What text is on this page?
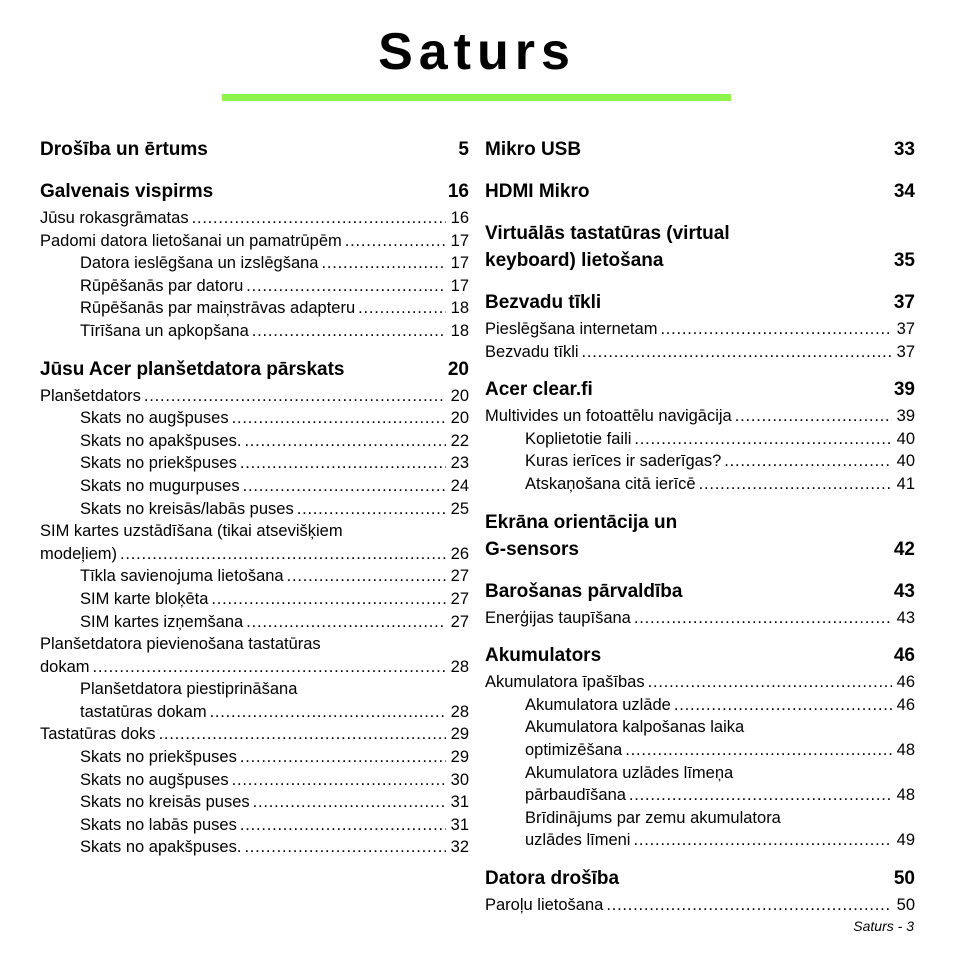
Saturs
Drošība un ērtums	5
Galvenais vispirms	16
Jūsu rokasgrāmatas . . .	16
Padomi datora lietošanai un pamatrūpēm . . .	17
Datora ieslēgšana un izslēgšana . . .	17
Rūpēšanās par datoru . . .	17
Rūpēšanās par maiņstrāvas adapteru . . .	18
Tīrīšana un apkopšana . . .	18
Jūsu Acer planšetdatora pārskats	20
Planšetdators . . .	20
Skats no augšpuses . . .	20
Skats no apakšpuses. . . .	22
Skats no priekšpuses . . .	23
Skats no mugurpuses . . .	24
Skats no kreisās/labās puses . . .	25
SIM kartes uzstādīšana (tikai atsevišķiem
modeļiem) . . .	26
Tīkla savienojuma lietošana . . .	27
SIM karte bloķēta . . .	27
SIM kartes izņemšana . . .	27
Planšetdatora pievienošana tastatūras
dokam . . .	28
Planšetdatora piestiprināšana
tastatūras dokam . . .	28
Tastatūras doks . . .	29
Skats no priekšpuses . . .	29
Skats no augšpuses . . .	30
Skats no kreisās puses . . .	31
Skats no labās puses . . .	31
Skats no apakšpuses. . . .	32
Mikro USB	33
HDMI Mikro	34
Virtuālās tastatūras (virtual
keyboard) lietošana	35
Bezvadu tīkli	37
Pieslēgšana internetam . . .	37
Bezvadu tīkli . . .	37
Acer clear.fi	39
Multivides un fotoattēlu navigācija . . .	39
Koplietotie faili . . .	40
Kuras ierīces ir saderīgas? . . .	40
Atskaņošana citā ierīcē . . .	41
Ekrāna orientācija un
G-sensors	42
Barošanas pārvaldība	43
Enerģijas taupīšana . . .	43
Akumulators	46
Akumulatora īpašības . . .	46
Akumulatora uzlāde . . .	46
Akumulatora kalpošanas laika
optimizēšana . . .	48
Akumulatora uzlādes līmeņa
pārbaudīšana . . .	48
Brīdinājums par zemu akumulatora
uzlādes līmeni . . .	49
Datora drošība	50
Paroļu lietošana . . .	50
Saturs - 3
